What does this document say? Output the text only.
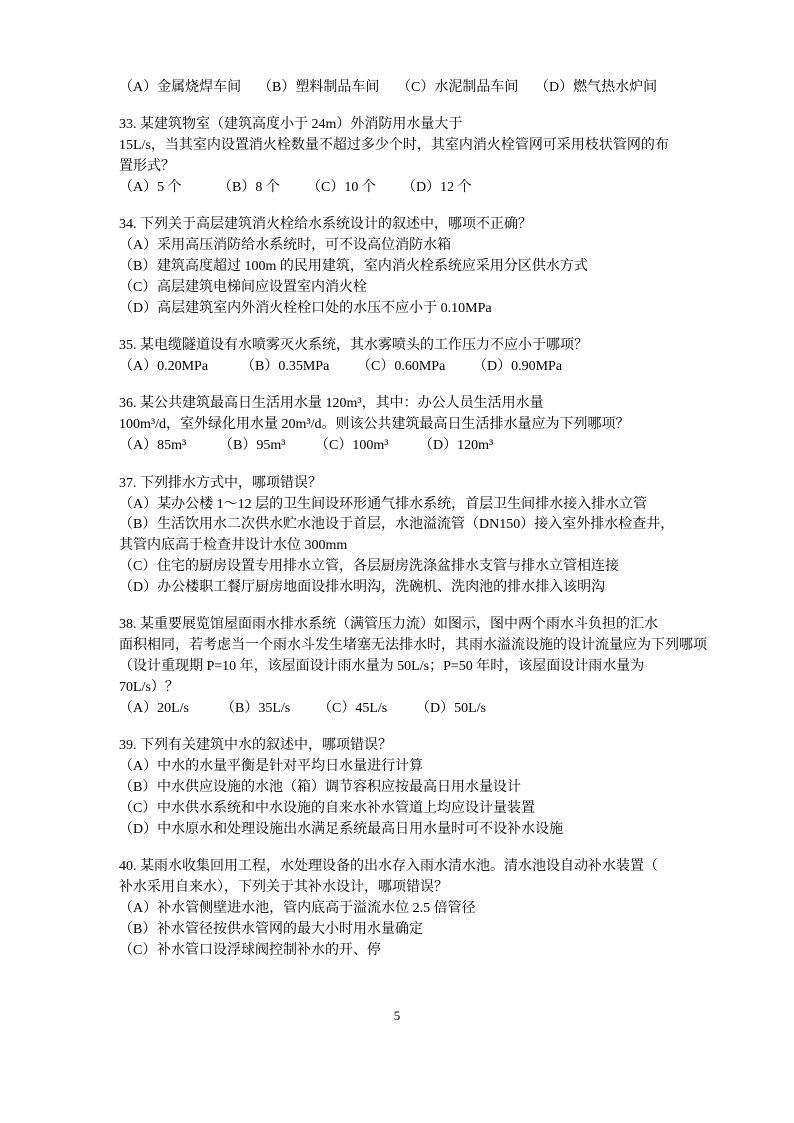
（A）金属烧焊车间	（B）塑料制品车间	（C）水泥制品车间	（D）燃气热水炉间
33. 某建筑物室（建筑高度小于 24m）外消防用水量大于
15L/s，当其室内设置消火栓数量不超过多少个时，其室内消火栓管网可采用枝状管网的布
置形式？
（A）5 个	（B）8 个	（C）10 个	（D）12 个
34. 下列关于高层建筑消火栓给水系统设计的叙述中，哪项不正确？
（A）采用高压消防给水系统时，可不设高位消防水箱
（B）建筑高度超过 100m 的民用建筑，室内消火栓系统应采用分区供水方式
（C）高层建筑电梯间应设置室内消火栓
（D）高层建筑室内外消火栓栓口处的水压不应小于 0.10MPa
35. 某电缆隧道设有水喷雾灭火系统，其水雾喷头的工作压力不应小于哪项？
（A）0.20MPa	（B）0.35MPa	（C）0.60MPa	（D）0.90MPa
36. 某公共建筑最高日生活用水量 120m³，其中：办公人员生活用水量
100m³/d，室外绿化用水量 20m³/d。则该公共建筑最高日生活排水量应为下列哪项？
（A）85m³	（B）95m³	（C）100m³	（D）120m³
37. 下列排水方式中，哪项错误？
（A）某办公楼 1～12 层的卫生间设环形通气排水系统，首层卫生间排水接入排水立管
（B）生活饮用水二次供水贮水池设于首层，水池溢流管（DN150）接入室外排水检查井，
其管内底高于检查井设计水位 300mm
（C）住宅的厨房设置专用排水立管，各层厨房洗涤盆排水支管与排水立管相连接
（D）办公楼职工餐厅厨房地面设排水明沟，洗碗机、洗肉池的排水排入该明沟
38. 某重要展览馆屋面雨水排水系统（满管压力流）如图示，图中两个雨水斗负担的汇水
面积相同，若考虑当一个雨水斗发生堵塞无法排水时，其雨水溢流设施的设计流量应为下列哪项
（设计重现期 P=10 年，该屋面设计雨水量为 50L/s；P=50 年时，该屋面设计雨水量为
70L/s）？
（A）20L/s	（B）35L/s	（C）45L/s	（D）50L/s
39. 下列有关建筑中水的叙述中，哪项错误？
（A）中水的水量平衡是针对平均日水量进行计算
（B）中水供应设施的水池（箱）调节容积应按最高日用水量设计
（C）中水供水系统和中水设施的自来水补水管道上均应设计量装置
（D）中水原水和处理设施出水满足系统最高日用水量时可不设补水设施
40. 某雨水收集回用工程，水处理设备的出水存入雨水清水池。清水池设自动补水装置（
补水采用自来水），下列关于其补水设计，哪项错误？
（A）补水管侧壁进水池，管内底高于溢流水位 2.5 倍管径
（B）补水管径按供水管网的最大小时用水量确定
（C）补水管口设浮球阀控制补水的开、停
5
